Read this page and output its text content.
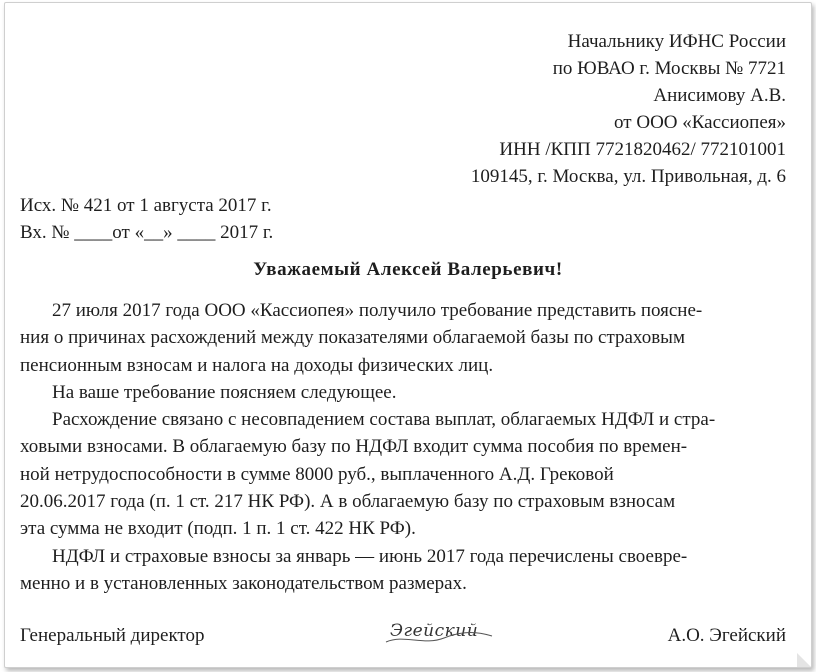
Начальнику ИФНС России
по ЮВАО г. Москвы № 7721
Анисимову А.В.
от ООО «Кассиопея»
ИНН /КПП 7721820462/ 772101001
109145, г. Москва, ул. Привольная, д. 6
Исх. № 421 от 1 августа 2017 г.
Вх. № ____от «__» ____ 2017 г.
Уважаемый Алексей Валерьевич!

27 июля 2017 года ООО «Кассиопея» получило требование представить поясне-
ния о причинах расхождений между показателями облагаемой базы по страховым
пенсионным взносам и налога на доходы физических лиц.

На ваше требование поясняем следующее.

Расхождение связано с несовпадением состава выплат, облагаемых НДФЛ и стра-
ховыми взносами. В облагаемую базу по НДФЛ входит сумма пособия по времен-
ной нетрудоспособности в сумме 8000 руб., выплаченного А.Д. Грековой
20.06.2017 года (п. 1 ст. 217 НК РФ). А в облагаемую базу по страховым взносам
эта сумма не входит (подп. 1 п. 1 ст. 422 НК РФ).

НДФЛ и страховые взносы за январь — июнь 2017 года перечислены своевре-
менно и в установленных законодательством размерах.

Генеральный директор	Эгейский	А.О. Эгейский
